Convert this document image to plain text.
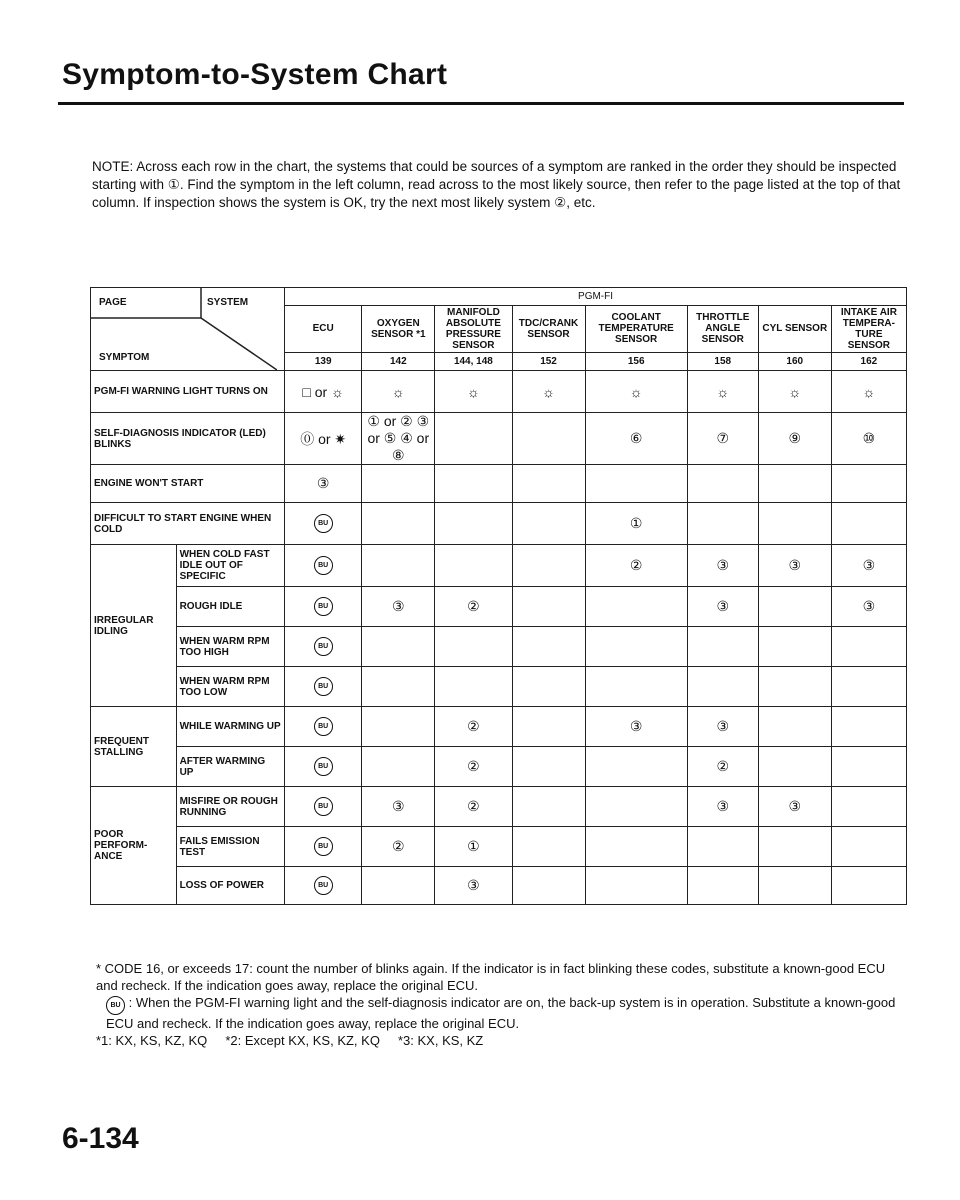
Symptom-to-System Chart
NOTE: Across each row in the chart, the systems that could be sources of a symptom are ranked in the order they should be inspected starting with ①. Find the symptom in the left column, read across to the most likely source, then refer to the page listed at the top of that column. If inspection shows the system is OK, try the next most likely system ②, etc.
PAGE SYSTEM
SYMPTOM		PGM-FI							
		ECU	OXYGEN SENSOR *1	MANIFOLD ABSOLUTE PRESSURE SENSOR	TDC/CRANK SENSOR	COOLANT TEMPERATURE SENSOR	THROTTLE ANGLE SENSOR	CYL SENSOR	INTAKE AIR TEMPERA-TURE SENSOR
		139	142	144, 148	152	156	158	160	162
PGM-FI WARNING LIGHT TURNS ON		□ or ☼	☼	☼	☼	☼	☼	☼	☼
SELF-DIAGNOSIS INDICATOR (LED) BLINKS		⓪ or ✷	① or ② ③ or ⑤ ④ or ⑧			⑥	⑦	⑨	⑩
ENGINE WON'T START		③							
DIFFICULT TO START ENGINE WHEN COLD		BU				①			
IRREGULAR IDLING	WHEN COLD FAST IDLE OUT OF SPECIFIC	BU				②	③	③	③
	ROUGH IDLE	BU	③	②			③		③
	WHEN WARM RPM TOO HIGH	BU							
	WHEN WARM RPM TOO LOW	BU							
FREQUENT STALLING	WHILE WARMING UP	BU		②		③	③		
	AFTER WARMING UP	BU		②			②		
POOR PERFORM-ANCE	MISFIRE OR ROUGH RUNNING	BU	③	②			③	③	
	FAILS EMISSION TEST	BU	②	①					
	LOSS OF POWER	BU		③					

* CODE 16, or exceeds 17: count the number of blinks again. If the indicator is in fact blinking these codes, substitute a known-good ECU and recheck. If the indication goes away, replace the original ECU.

BU : When the PGM-FI warning light and the self-diagnosis indicator are on, the back-up system is in operation. Substitute a known-good ECU and recheck. If the indication goes away, replace the original ECU.

*1: KX, KS, KZ, KQ     *2: Except KX, KS, KZ, KQ     *3: KX, KS, KZ

6-134
